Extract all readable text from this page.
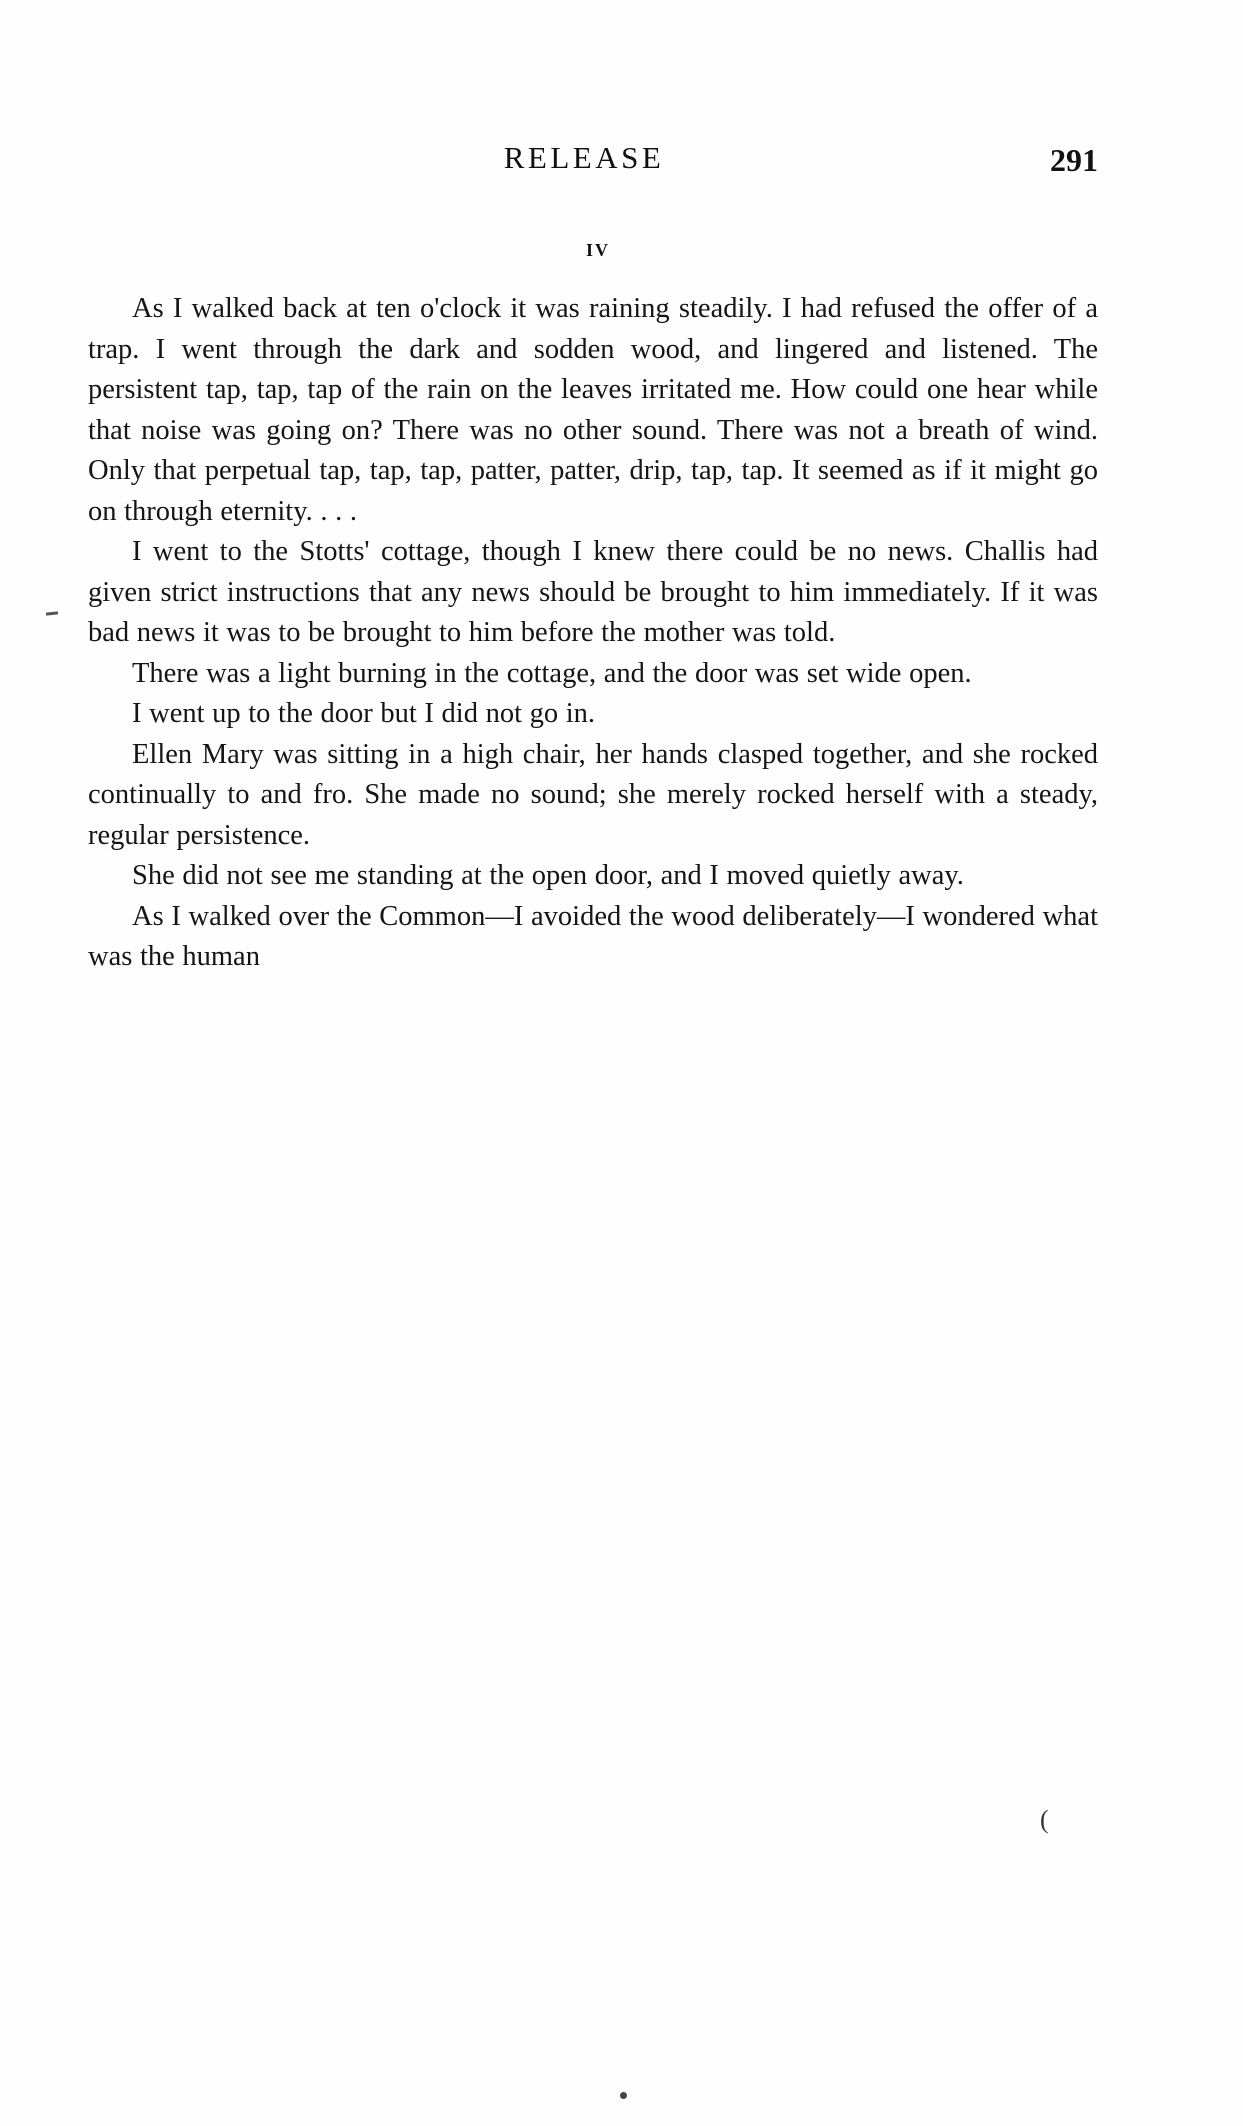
RELEASE	291
IV

As I walked back at ten o'clock it was raining steadily. I had refused the offer of a trap. I went through the dark and sodden wood, and lingered and listened. The persistent tap, tap, tap of the rain on the leaves irritated me. How could one hear while that noise was going on? There was no other sound. There was not a breath of wind. Only that perpetual tap, tap, tap, patter, patter, drip, tap, tap. It seemed as if it might go on through eternity. . . .

I went to the Stotts' cottage, though I knew there could be no news. Challis had given strict instructions that any news should be brought to him immediately. If it was bad news it was to be brought to him before the mother was told.

There was a light burning in the cottage, and the door was set wide open.

I went up to the door but I did not go in.

Ellen Mary was sitting in a high chair, her hands clasped together, and she rocked continually to and fro. She made no sound; she merely rocked herself with a steady, regular persistence.

She did not see me standing at the open door, and I moved quietly away.

As I walked over the Common—I avoided the wood deliberately—I wondered what was the human

(
